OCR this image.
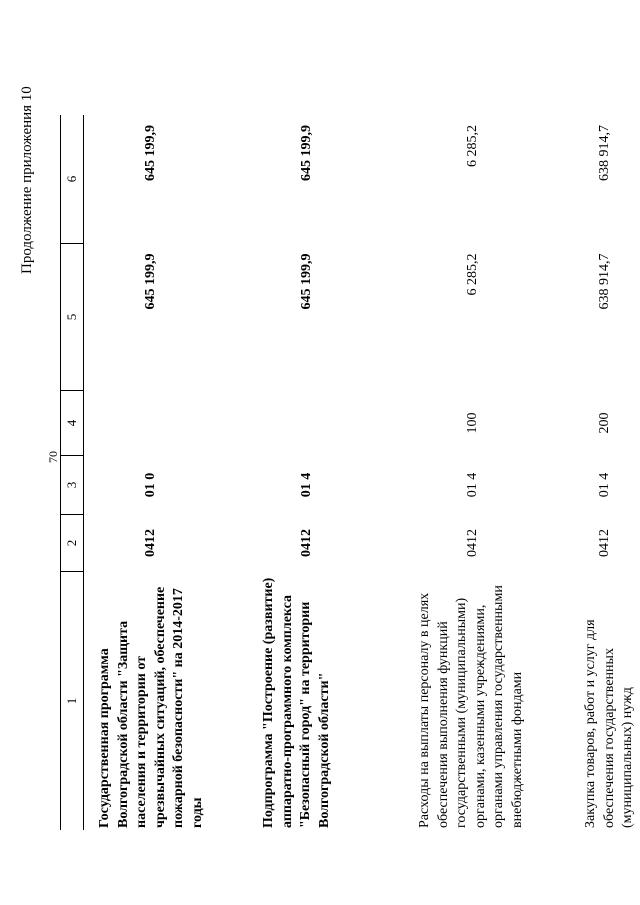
70
Продолжение приложения 10
1	2	3	4	5	6
Государственная программа Волгоградской области "Защита населения и территории от чрезвычайных ситуаций, обеспечение пожарной безопасности" на 2014-2017 годы	0412	01 0		645 199,9	645 199,9
Подпрограмма "Построение (развитие) аппаратно-программного комплекса "Безопасный город" на территории Волгоградской области"	0412	01 4		645 199,9	645 199,9
Расходы на выплаты персоналу в целях обеспечения выполнения функций государственными (муниципальными) органами, казенными учреждениями, органами управления государственными внебюджетными фондами	0412	01 4	100	6 285,2	6 285,2
Закупка товаров, работ и услуг для обеспечения государственных (муниципальных) нужд	0412	01 4	200	638 914,7	638 914,7
